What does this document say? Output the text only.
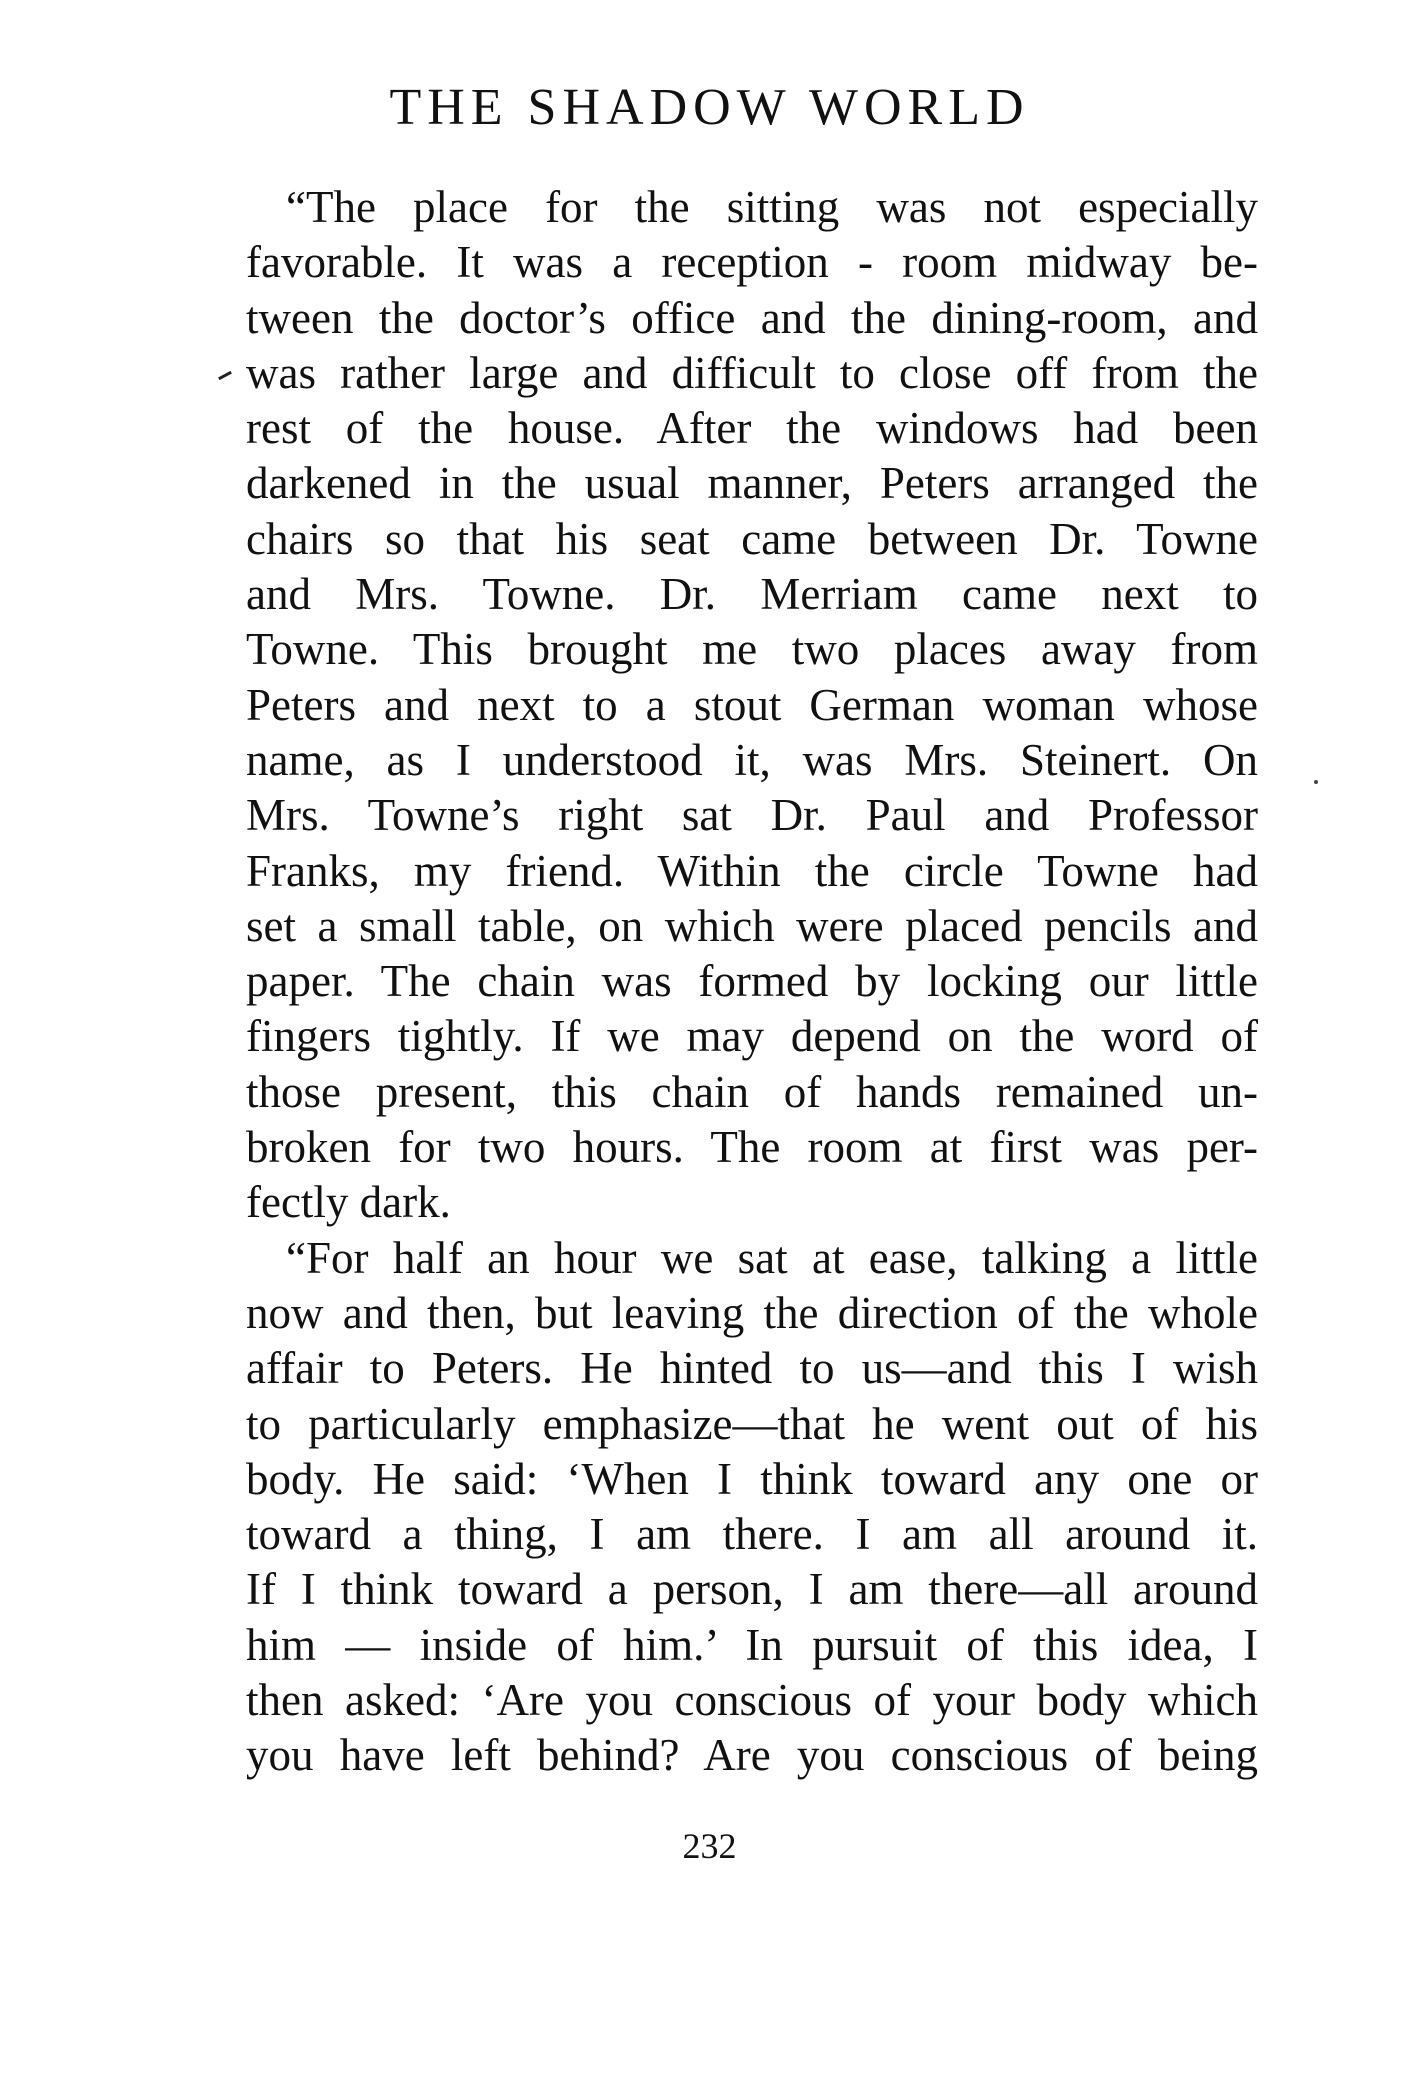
THE SHADOW WORLD
“The place for the sitting was not especially
favorable. It was a reception - room midway be-
tween the doctor’s office and the dining-room, and
was rather large and difficult to close off from the
rest of the house. After the windows had been
darkened in the usual manner, Peters arranged the
chairs so that his seat came between Dr. Towne
and Mrs. Towne. Dr. Merriam came next to
Towne. This brought me two places away from
Peters and next to a stout German woman whose
name, as I understood it, was Mrs. Steinert. On
Mrs. Towne’s right sat Dr. Paul and Professor
Franks, my friend. Within the circle Towne had
set a small table, on which were placed pencils and
paper. The chain was formed by locking our little
fingers tightly. If we may depend on the word of
those present, this chain of hands remained un-
broken for two hours. The room at first was per-
fectly dark.
“For half an hour we sat at ease, talking a little
now and then, but leaving the direction of the whole
affair to Peters. He hinted to us—and this I wish
to particularly emphasize—that he went out of his
body. He said: ‘When I think toward any one or
toward a thing, I am there. I am all around it.
If I think toward a person, I am there—all around
him — inside of him.’ In pursuit of this idea, I
then asked: ‘Are you conscious of your body which
you have left behind? Are you conscious of being
232
